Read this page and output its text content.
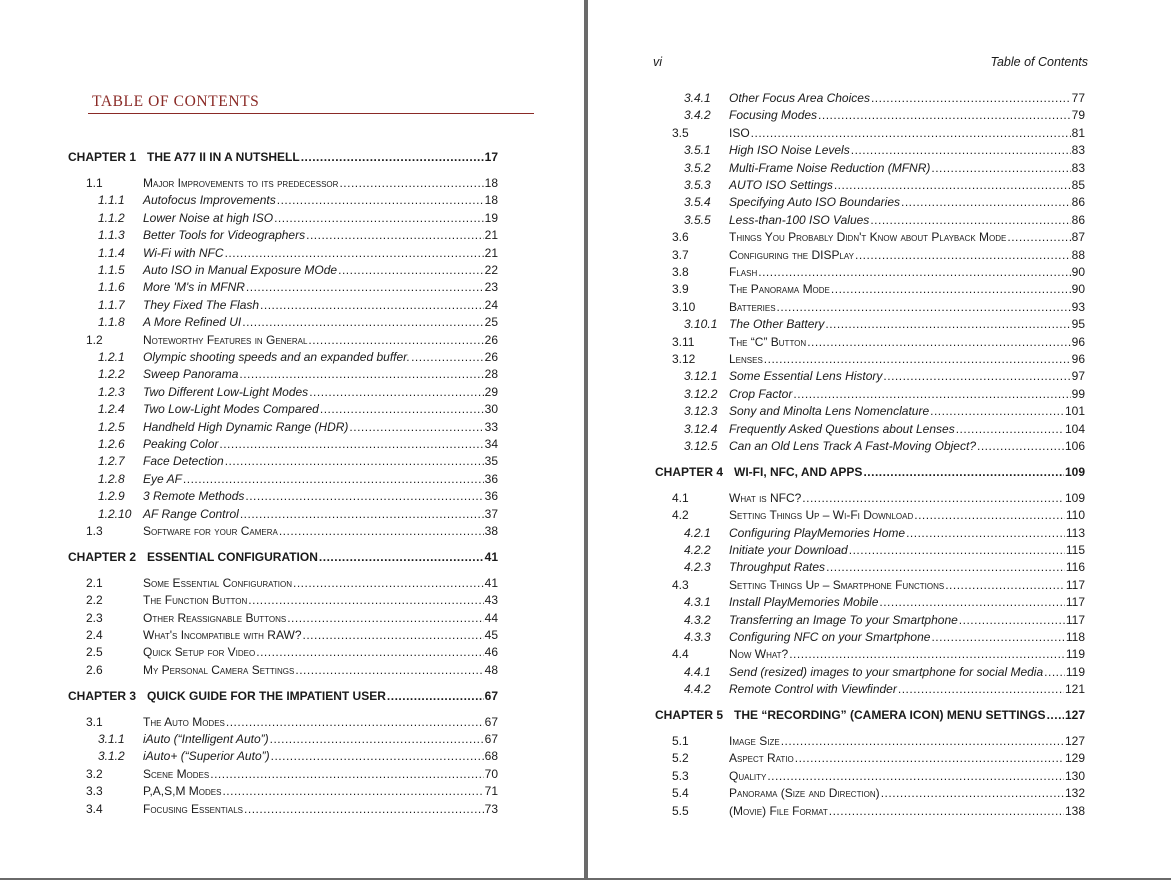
TABLE OF CONTENTS
CHAPTER 1 THE A77 II IN A NUTSHELL .....	17
1.1	Major Improvements to its predecessor .....	18
1.1.1	Autofocus Improvements .....	18
1.1.2	Lower Noise at high ISO .....	19
1.1.3	Better Tools for Videographers .....	21
1.1.4	Wi-Fi with NFC .....	21
1.1.5	Auto ISO in Manual Exposure MOde .....	22
1.1.6	More 'M's in MFNR .....	23
1.1.7	They Fixed The Flash .....	24
1.1.8	A More Refined UI .....	25
1.2	Noteworthy Features in General .....	26
1.2.1	Olympic shooting speeds and an expanded buffer. .....	26
1.2.2	Sweep Panorama .....	28
1.2.3	Two Different Low-Light Modes .....	29
1.2.4	Two Low-Light Modes Compared .....	30
1.2.5	Handheld High Dynamic Range (HDR) .....	33
1.2.6	Peaking Color .....	34
1.2.7	Face Detection .....	35
1.2.8	Eye AF .....	36
1.2.9	3 Remote Methods .....	36
1.2.10 AF Range Control .....	37
1.3	Software for your Camera .....	38
CHAPTER 2 ESSENTIAL CONFIGURATION .....	41
2.1	Some Essential Configuration .....	41
2.2	The Function Button .....	43
2.3	Other Reassignable Buttons .....	44
2.4	What's Incompatible with RAW? .....	45
2.5	Quick Setup for Video .....	46
2.6	My Personal Camera Settings .....	48
CHAPTER 3 QUICK GUIDE FOR THE IMPATIENT USER .....	67
3.1	The Auto Modes .....	67
3.1.1	iAuto (“Intelligent Auto”) .....	67
3.1.2	iAuto+ (“Superior Auto”) .....	68
3.2	Scene Modes .....	70
3.3	P,A,S,M Modes .....	71
3.4	Focusing Essentials .....	73
vi	Table of Contents
3.4.1	Other Focus Area Choices .....	77
3.4.2	Focusing Modes .....	79
3.5	ISO .....	81
3.5.1	High ISO Noise Levels .....	83
3.5.2	Multi-Frame Noise Reduction (MFNR) .....	83
3.5.3	AUTO ISO Settings .....	85
3.5.4	Specifying Auto ISO Boundaries .....	86
3.5.5	Less-than-100 ISO Values .....	86
3.6	Things You Probably Didn't Know about Playback Mode .....	87
3.7	Configuring the DISPlay .....	88
3.8	Flash .....	90
3.9	The Panorama Mode .....	90
3.10	Batteries .....	93
3.10.1 The Other Battery .....	95
3.11	The “C” Button .....	96
3.12	Lenses .....	96
3.12.1 Some Essential Lens History .....	97
3.12.2 Crop Factor .....	99
3.12.3 Sony and Minolta Lens Nomenclature .....	101
3.12.4 Frequently Asked Questions about Lenses .....	104
3.12.5 Can an Old Lens Track A Fast-Moving Object? .....	106
CHAPTER 4 WI-FI, NFC, AND APPS .....	109
4.1	What is NFC? .....	109
4.2	Setting Things Up – Wi-Fi Download .....	110
4.2.1	Configuring PlayMemories Home .....	113
4.2.2	Initiate your Download .....	115
4.2.3	Throughput Rates .....	116
4.3	Setting Things Up – Smartphone Functions .....	117
4.3.1	Install PlayMemories Mobile .....	117
4.3.2	Transferring an Image To your Smartphone .....	117
4.3.3	Configuring NFC on your Smartphone .....	118
4.4	Now What? .....	119
4.4.1	Send (resized) images to your smartphone for social Media ..... 119
4.4.2	Remote Control with Viewfinder .....	121
CHAPTER 5 THE “RECORDING” (CAMERA ICON) MENU SETTINGS ..... 127
5.1	Image Size .....	127
5.2	Aspect Ratio .....	129
5.3	Quality .....	130
5.4	Panorama (Size and Direction) .....	132
5.5	(Movie) File Format .....	138
